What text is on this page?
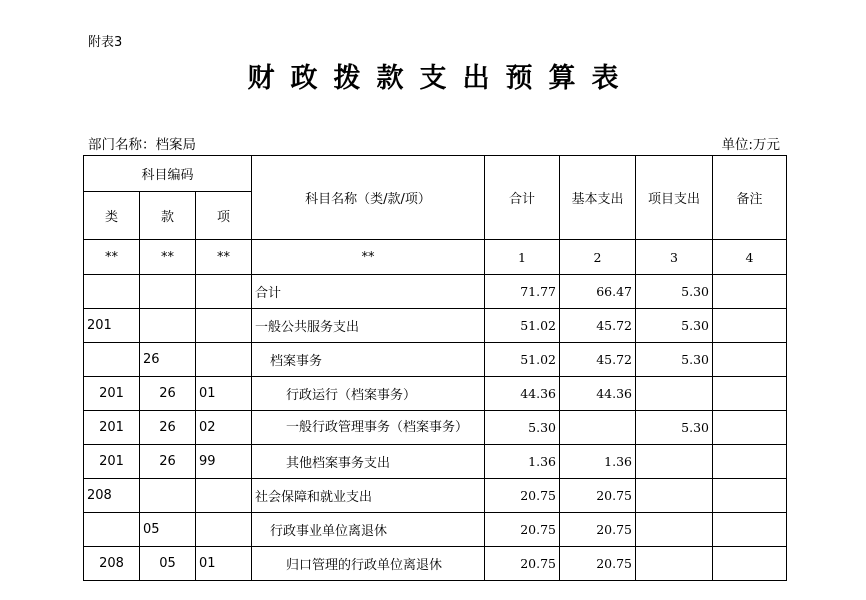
附表3
财政拨款支出预算表
部门名称：档案局	单位:万元
科目编码			科目名称（类/款/项）	合计	基本支出	项目支出	备注
类	款	项					
**	**	**	**	1	2	3	4
			合计	71.77	66.47	5.30	
201			一般公共服务支出	51.02	45.72	5.30	
	26		档案事务	51.02	45.72	5.30	
201	26	01	行政运行（档案事务）	44.36	44.36		
201	26	02	一般行政管理事务（档案事务）	5.30		5.30	
201	26	99	其他档案事务支出	1.36	1.36		
208			社会保障和就业支出	20.75	20.75		
	05		行政事业单位离退休	20.75	20.75		
208	05	01	归口管理的行政单位离退休	20.75	20.75		
